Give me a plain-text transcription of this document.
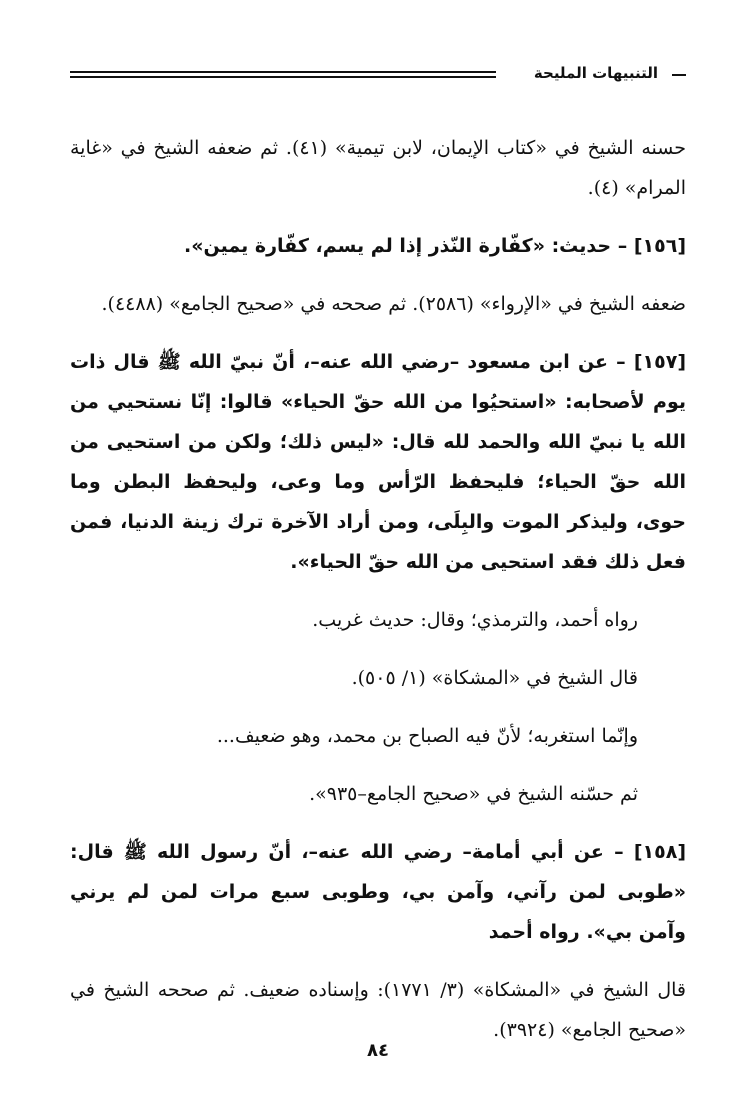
التنبيهات المليحة

حسنه الشيخ في «كتاب الإيمان، لابن تيمية» (٤١). ثم ضعفه الشيخ في «غاية المرام» (٤).

[١٥٦] – حديث: «كفّارة النّذر إذا لم يسم، كفّارة يمين».

ضعفه الشيخ في «الإرواء» (٢٥٨٦). ثم صححه في «صحيح الجامع» (٤٤٨٨).

[١٥٧] – عن ابن مسعود –رضي الله عنه–، أنّ نبيّ الله ﷺ قال ذات يوم لأصحابه: «استحيُوا من الله حقّ الحياء» قالوا: إنّا نستحيي من الله يا نبيّ الله والحمد لله قال: «ليس ذلك؛ ولكن من استحيى من الله حقّ الحياء؛ فليحفظ الرّأس وما وعى، وليحفظ البطن وما حوى، وليذكر الموت والبِلَى، ومن أراد الآخرة ترك زينة الدنيا، فمن فعل ذلك فقد استحيى من الله حقّ الحياء».

رواه أحمد، والترمذي؛ وقال: حديث غريب.

قال الشيخ في «المشكاة» (١/ ٥٠٥).

وإنّما استغربه؛ لأنّ فيه الصباح بن محمد، وهو ضعيف...

ثم حسّنه الشيخ في «صحيح الجامع–٩٣٥».

[١٥٨] – عن أبي أمامة– رضي الله عنه–، أنّ رسول الله ﷺ قال: «طوبى لمن رآني، وآمن بي، وطوبى سبع مرات لمن لم يرني وآمن بي». رواه أحمد

قال الشيخ في «المشكاة» (٣/ ١٧٧١): وإسناده ضعيف. ثم صححه الشيخ في «صحيح الجامع» (٣٩٢٤).

٨٤
